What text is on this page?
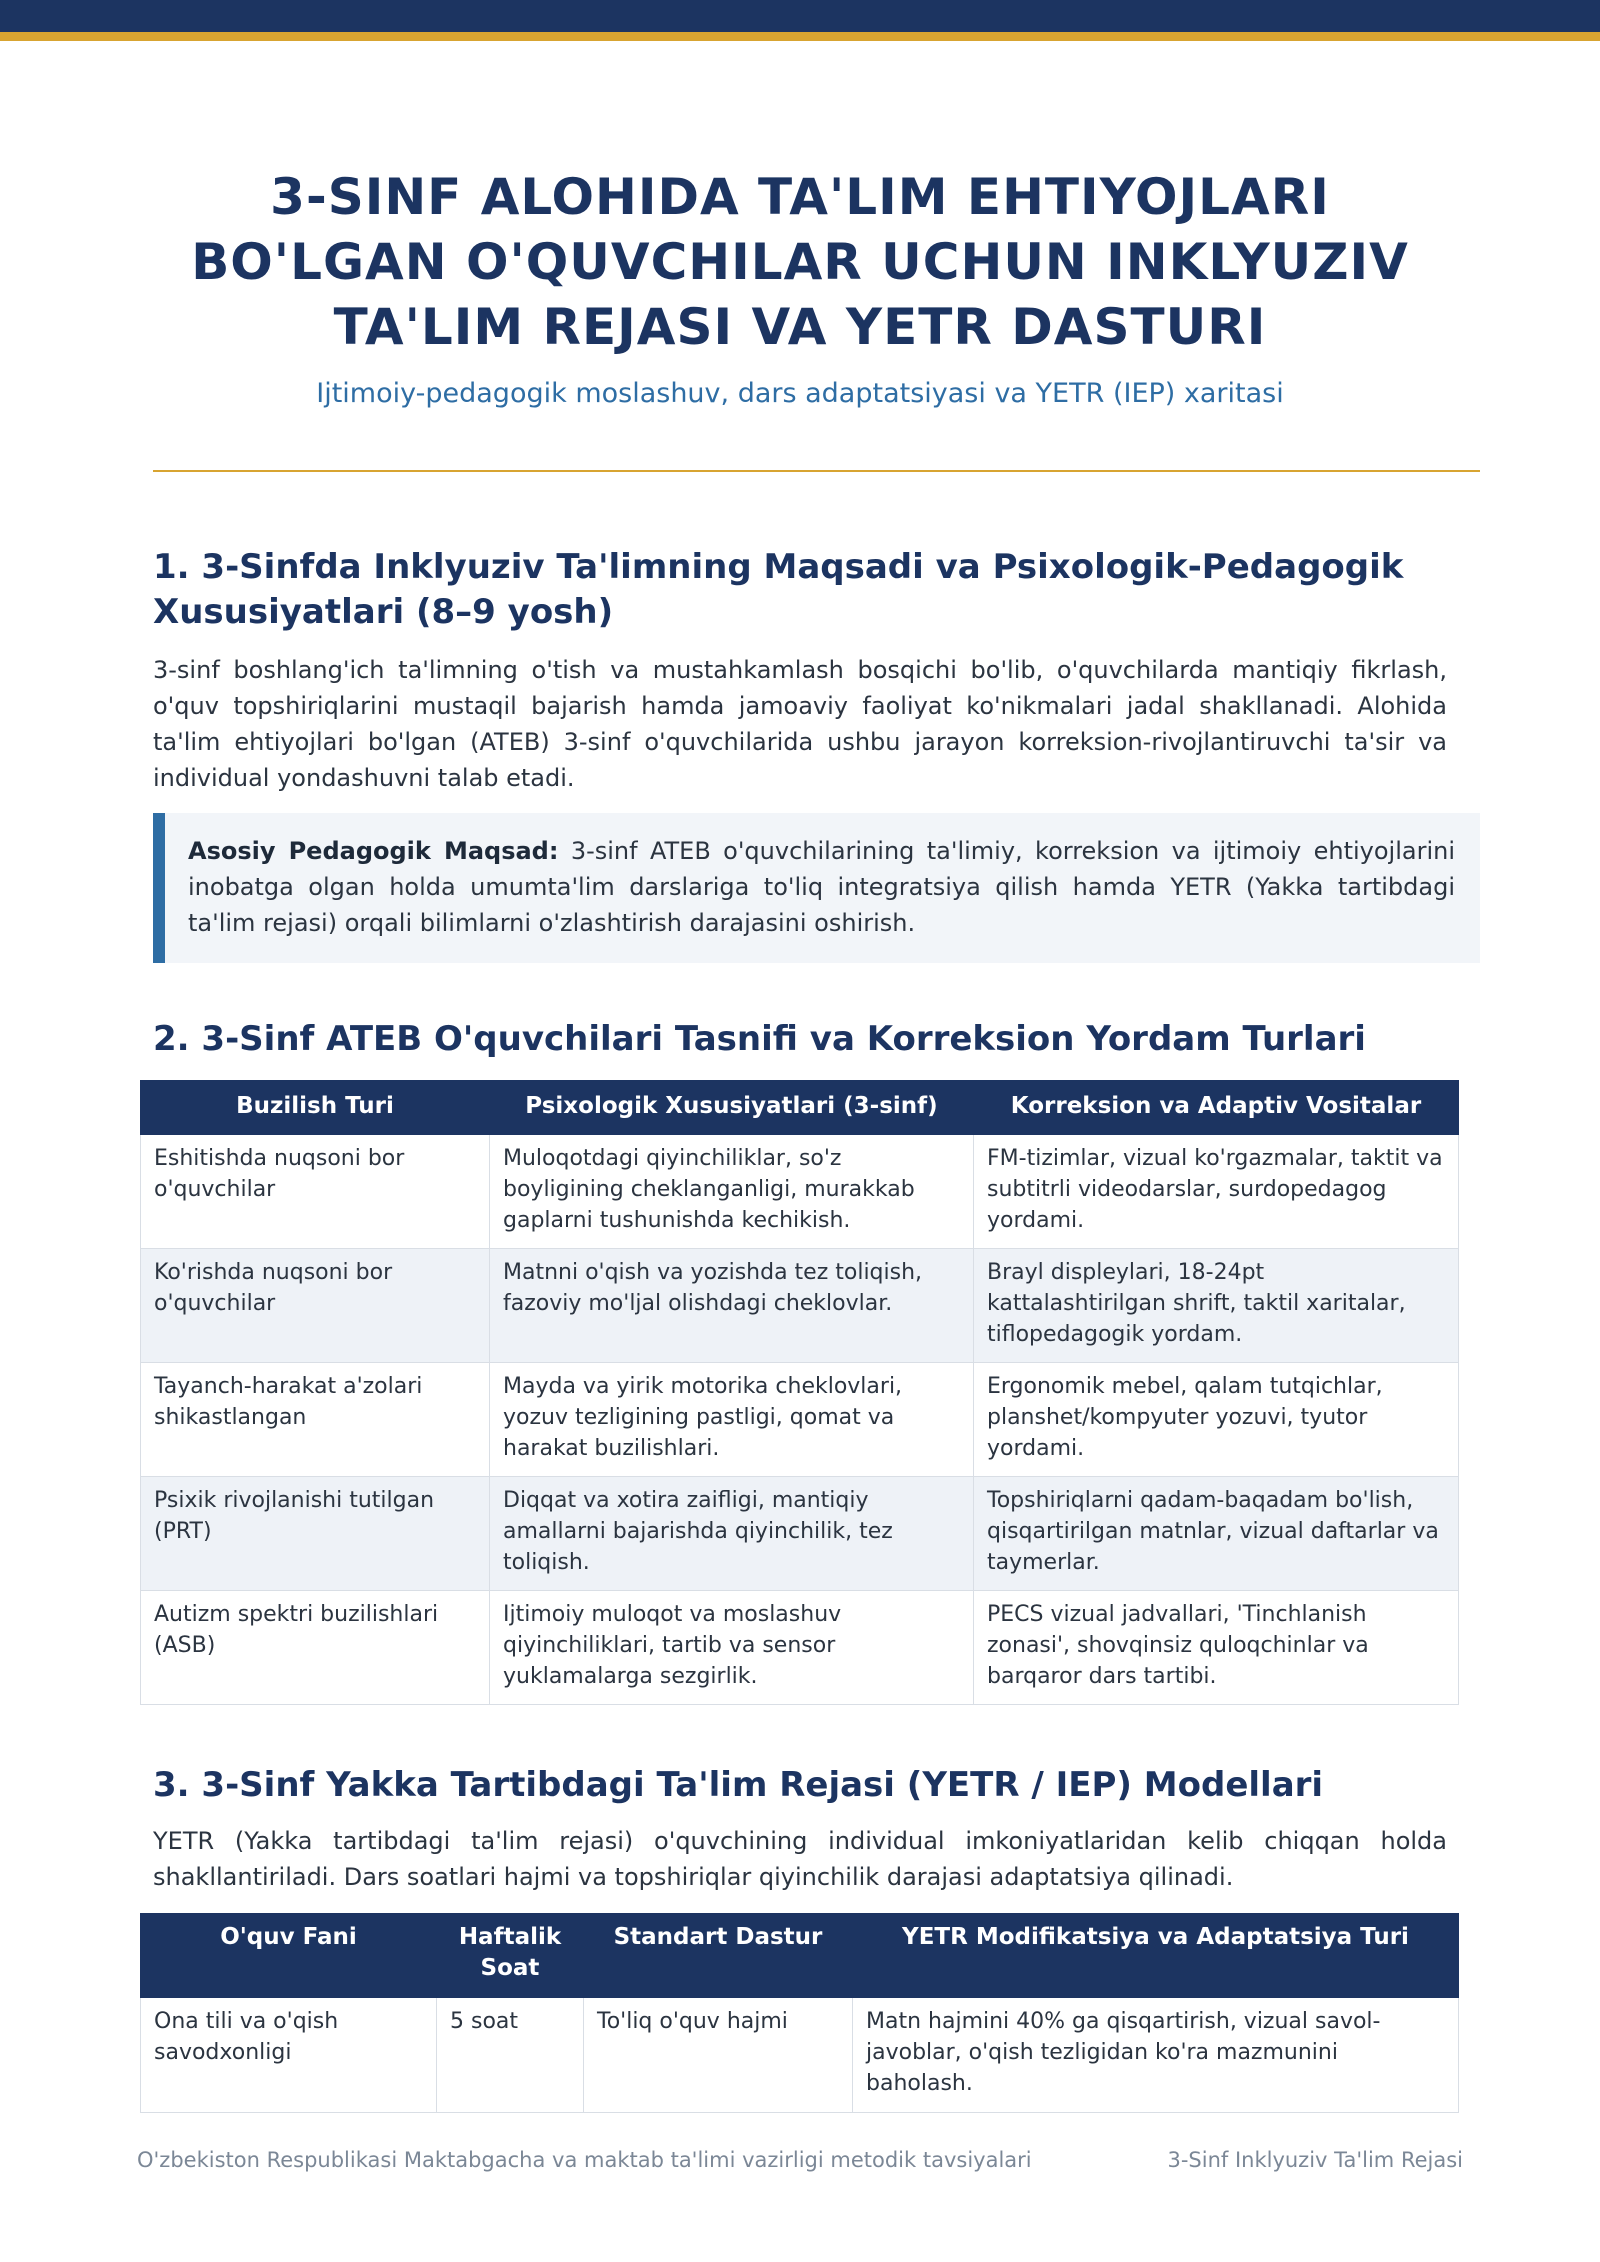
3-SINF ALOHIDA TA'LIM EHTIYOJLARI BO'LGAN O'QUVCHILAR UCHUN INKLYUZIV TA'LIM REJASI VA YETR DASTURI

Ijtimoiy-pedagogik moslashuv, dars adaptatsiyasi va YETR (IEP) xaritasi

1. 3-Sinfda Inklyuziv Ta'limning Maqsadi va Psixologik-Pedagogik Xususiyatlari (8–9 yosh)

3-sinf boshlang'ich ta'limning o'tish va mustahkamlash bosqichi bo'lib, o'quvchilarda mantiqiy fikrlash, o'quv topshiriqlarini mustaqil bajarish hamda jamoaviy faoliyat ko'nikmalari jadal shakllanadi. Alohida ta'lim ehtiyojlari bo'lgan (ATEB) 3-sinf o'quvchilarida ushbu jarayon korreksion-rivojlantiruvchi ta'sir va individual yondashuvni talab etadi.

Asosiy Pedagogik Maqsad: 3-sinf ATEB o'quvchilarining ta'limiy, korreksion va ijtimoiy ehtiyojlarini inobatga olgan holda umumta'lim darslariga to'liq integratsiya qilish hamda YETR (Yakka tartibdagi ta'lim rejasi) orqali bilimlarni o'zlashtirish darajasini oshirish.

2. 3-Sinf ATEB O'quvchilari Tasnifi va Korreksion Yordam Turlari
Buzilish Turi	Psixologik Xususiyatlari (3-sinf)	Korreksion va Adaptiv Vositalar
Eshitishda nuqsoni bor o'quvchilar	Muloqotdagi qiyinchiliklar, so'z boyligining cheklanganligi, murakkab gaplarni tushunishda kechikish.	FM-tizimlar, vizual ko'rgazmalar, taktit va subtitrli videodarslar, surdopedagog yordami.
Ko'rishda nuqsoni bor o'quvchilar	Matnni o'qish va yozishda tez toliqish, fazoviy mo'ljal olishdagi cheklovlar.	Brayl displeylari, 18-24pt kattalashtirilgan shrift, taktil xaritalar, tiflopedagogik yordam.
Tayanch-harakat a'zolari shikastlangan	Mayda va yirik motorika cheklovlari, yozuv tezligining pastligi, qomat va harakat buzilishlari.	Ergonomik mebel, qalam tutqichlar, planshet/kompyuter yozuvi, tyutor yordami.
Psixik rivojlanishi tutilgan (PRT)	Diqqat va xotira zaifligi, mantiqiy amallarni bajarishda qiyinchilik, tez toliqish.	Topshiriqlarni qadam-baqadam bo'lish, qisqartirilgan matnlar, vizual daftarlar va taymerlar.
Autizm spektri buzilishlari (ASB)	Ijtimoiy muloqot va moslashuv qiyinchiliklari, tartib va sensor yuklamalarga sezgirlik.	PECS vizual jadvallari, 'Tinchlanish zonasi', shovqinsiz quloqchinlar va barqaror dars tartibi.
3. 3-Sinf Yakka Tartibdagi Ta'lim Rejasi (YETR / IEP) Modellari

YETR (Yakka tartibdagi ta'lim rejasi) o'quvchining individual imkoniyatlaridan kelib chiqqan holda shakllantiriladi. Dars soatlari hajmi va topshiriqlar qiyinchilik darajasi adaptatsiya qilinadi.

O'quv Fani	Haftalik Soat	Standart Dastur	YETR Modifikatsiya va Adaptatsiya Turi
Ona tili va o'qish savodxonligi	5 soat	To'liq o'quv hajmi	Matn hajmini 40% ga qisqartirish, vizual savol-javoblar, o'qish tezligidan ko'ra mazmunini baholash.

O'zbekiston Respublikasi Maktabgacha va maktab ta'limi vazirligi metodik tavsiyalari	3-Sinf Inklyuziv Ta'lim Rejasi
